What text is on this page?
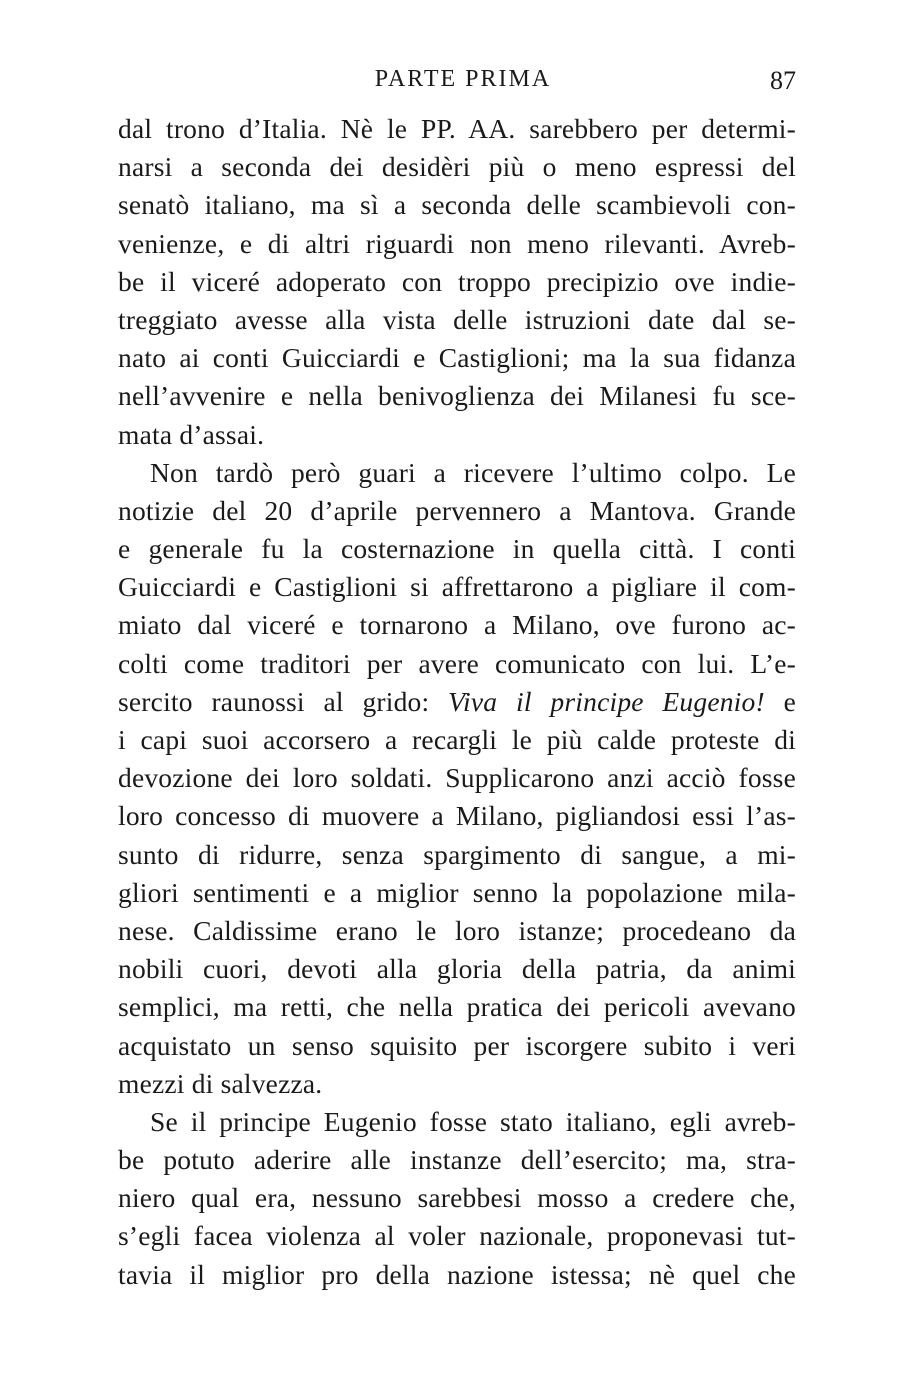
PARTE PRIMA	87
dal trono d’Italia. Nè le PP. AA. sarebbero per determi-
narsi a seconda dei desidèri più o meno espressi del
senatò italiano, ma sì a seconda delle scambievoli con-
venienze, e di altri riguardi non meno rilevanti. Avreb-
be il viceré adoperato con troppo precipizio ove indie-
treggiato avesse alla vista delle istruzioni date dal se-
nato ai conti Guicciardi e Castiglioni; ma la sua fidanza
nell’avvenire e nella benivoglienza dei Milanesi fu sce-
mata d’assai.
Non tardò però guari a ricevere l’ultimo colpo. Le
notizie del 20 d’aprile pervennero a Mantova. Grande
e generale fu la costernazione in quella città. I conti
Guicciardi e Castiglioni si affrettarono a pigliare il com-
miato dal viceré e tornarono a Milano, ove furono ac-
colti come traditori per avere comunicato con lui. L’e-
sercito raunossi al grido: Viva il principe Eugenio! e
i capi suoi accorsero a recargli le più calde proteste di
devozione dei loro soldati. Supplicarono anzi acciò fosse
loro concesso di muovere a Milano, pigliandosi essi l’as-
sunto di ridurre, senza spargimento di sangue, a mi-
gliori sentimenti e a miglior senno la popolazione mila-
nese. Caldissime erano le loro istanze; procedeano da
nobili cuori, devoti alla gloria della patria, da animi
semplici, ma retti, che nella pratica dei pericoli avevano
acquistato un senso squisito per iscorgere subito i veri
mezzi di salvezza.
Se il principe Eugenio fosse stato italiano, egli avreb-
be potuto aderire alle instanze dell’esercito; ma, stra-
niero qual era, nessuno sarebbesi mosso a credere che,
s’egli facea violenza al voler nazionale, proponevasi tut-
tavia il miglior pro della nazione istessa; nè quel che
